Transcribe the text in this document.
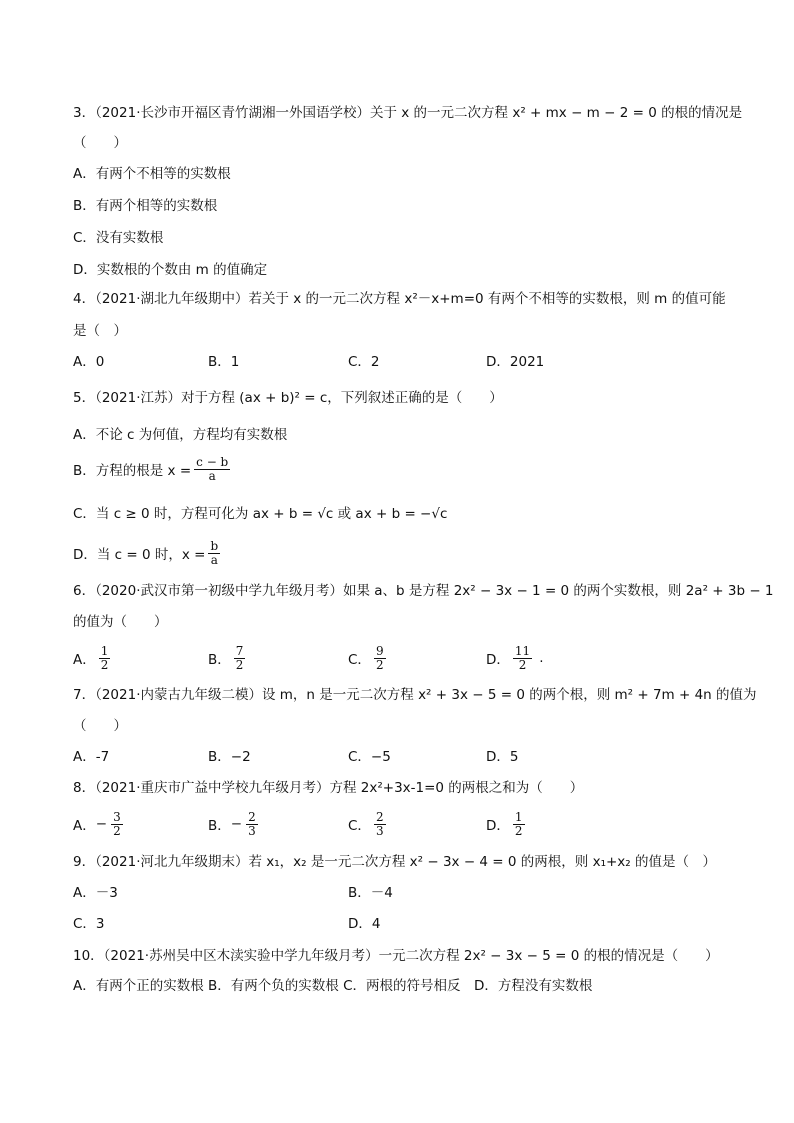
3．（2021·长沙市开福区青竹湖湘一外国语学校）关于 x 的一元二次方程 x² + mx − m − 2 = 0 的根的情况是
（　　）
A．有两个不相等的实数根
B．有两个相等的实数根
C．没有实数根
D．实数根的个数由 m 的值确定
4．（2021·湖北九年级期中）若关于 x 的一元二次方程 x²－x+m=0 有两个不相等的实数根，则 m 的值可能
是（　）
A．0	B．1	C．2	D．2021
5．（2021·江苏）对于方程 (ax + b)² = c，下列叙述正确的是（　　）
A．不论 c 为何值，方程均有实数根
B．方程的根是 $x = \frac{c - b}{a}$
C．当 c ≥ 0 时，方程可化为 ax + b = √c 或 ax + b = −√c
D．当 c = 0 时，$x = \frac{b}{a}$
6．（2020·武汉市第一初级中学九年级月考）如果 a、b 是方程 2x² − 3x − 1 = 0 的两个实数根，则 2a² + 3b − 1
的值为（　　）
A． $\frac{1}{2}$	B． $\frac{7}{2}$	C． $\frac{9}{2}$	D． $\frac{11}{2}$ .
7．（2021·内蒙古九年级二模）设 m，n 是一元二次方程 x² + 3x − 5 = 0 的两个根，则 m² + 7m + 4n 的值为
（　　）
A．-7	B．−2	C．−5	D．5
8．（2021·重庆市广益中学校九年级月考）方程 2x²+3x-1=0 的两根之和为（　　）
A． − $\frac{3}{2}$	B． − $\frac{2}{3}$	C． $\frac{2}{3}$	D． $\frac{1}{2}$
9．（2021·河北九年级期末）若 x₁，x₂ 是一元二次方程 x² − 3x − 4 = 0 的两根，则 x₁+x₂ 的值是（　）
A．－3	B．－4
C．3	D．4
10．（2021·苏州吴中区木渎实验中学九年级月考）一元二次方程 2x² − 3x − 5 = 0 的根的情况是（　　）
A．有两个正的实数根 B．有两个负的实数根 C．两根的符号相反　D．方程没有实数根
